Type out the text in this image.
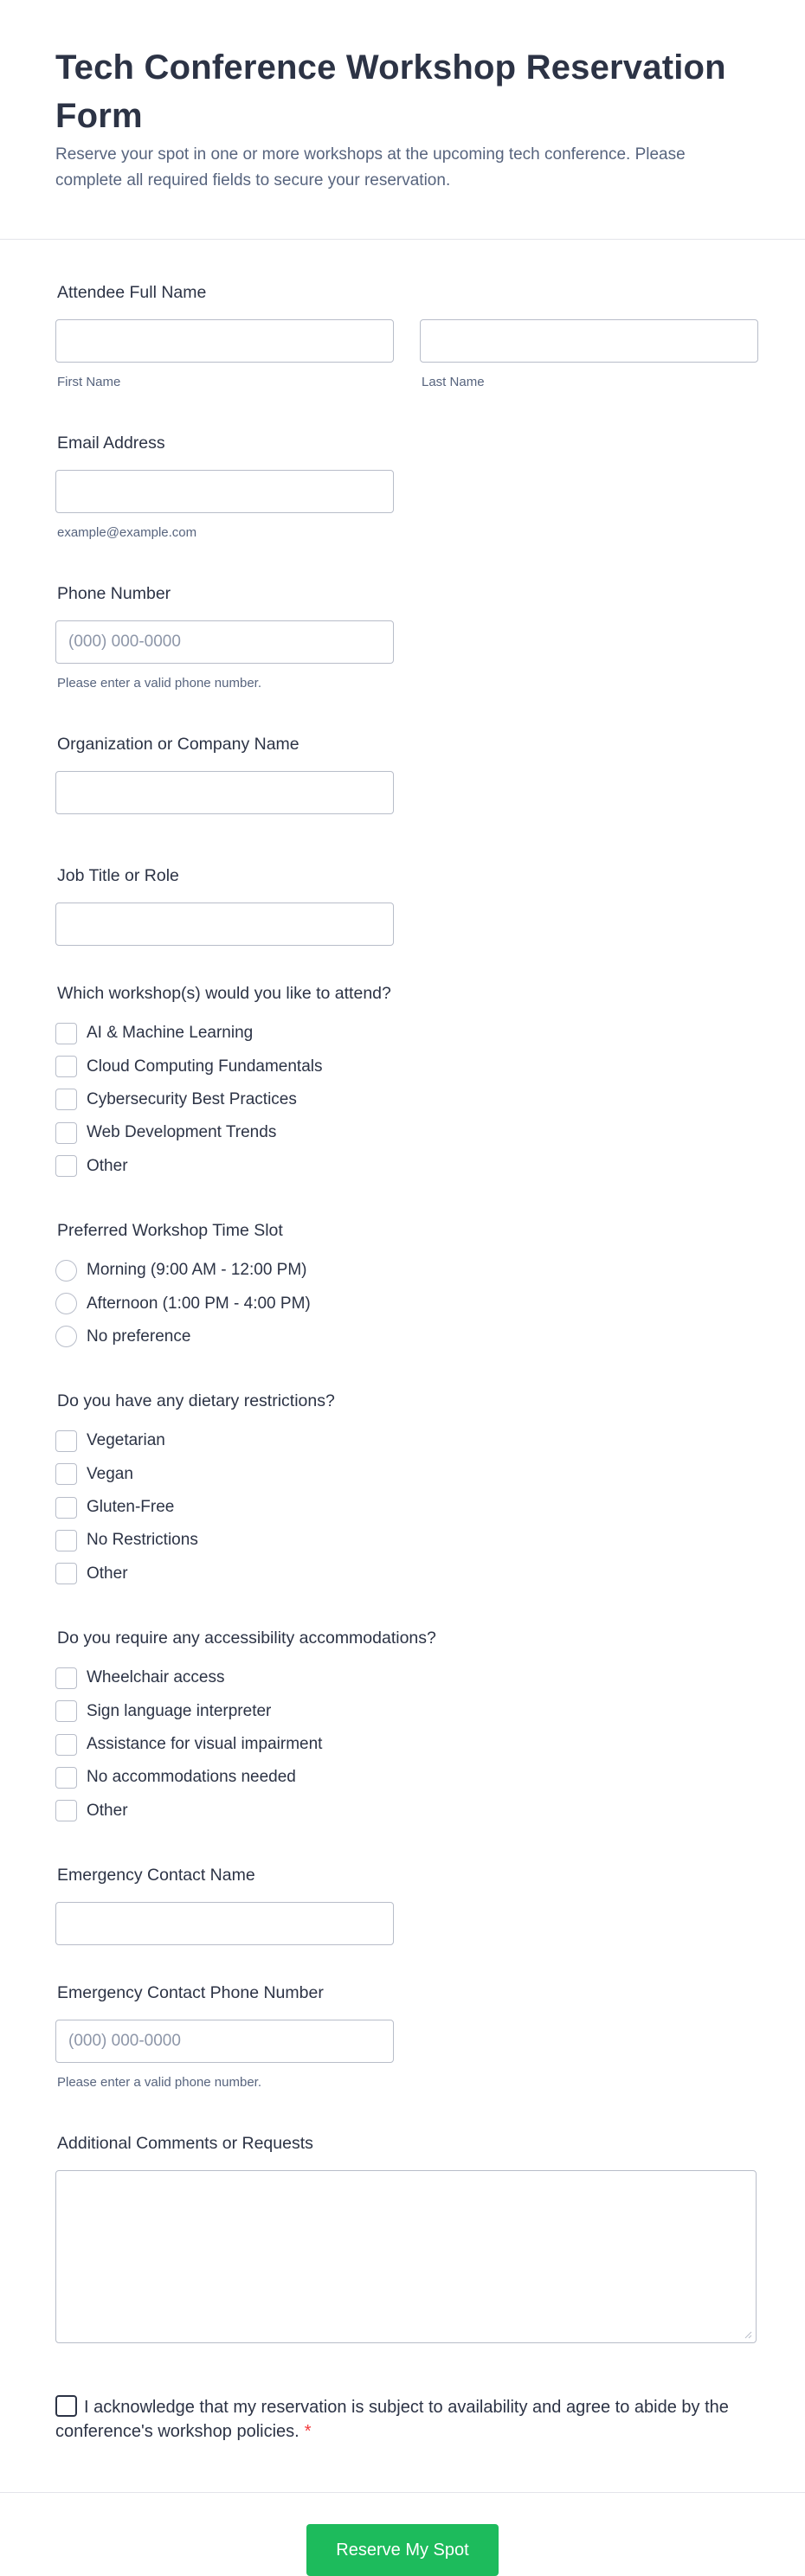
Tech Conference Workshop Reservation Form

Reserve your spot in one or more workshops at the upcoming tech conference. Please complete all required fields to secure your reservation.

Attendee Full Name
First Name	Last Name
Email Address
example@example.com
Phone Number
(000) 000-0000
Please enter a valid phone number.
Organization or Company Name
Job Title or Role
Which workshop(s) would you like to attend?
AI & Machine Learning
Cloud Computing Fundamentals
Cybersecurity Best Practices
Web Development Trends
Other
Preferred Workshop Time Slot
Morning (9:00 AM - 12:00 PM)
Afternoon (1:00 PM - 4:00 PM)
No preference
Do you have any dietary restrictions?
Vegetarian
Vegan
Gluten-Free
No Restrictions
Other
Do you require any accessibility accommodations?
Wheelchair access
Sign language interpreter
Assistance for visual impairment
No accommodations needed
Other
Emergency Contact Name
Emergency Contact Phone Number
(000) 000-0000
Please enter a valid phone number.
Additional Comments or Requests

I acknowledge that my reservation is subject to availability and agree to abide by the conference's workshop policies. *

Reserve My Spot
